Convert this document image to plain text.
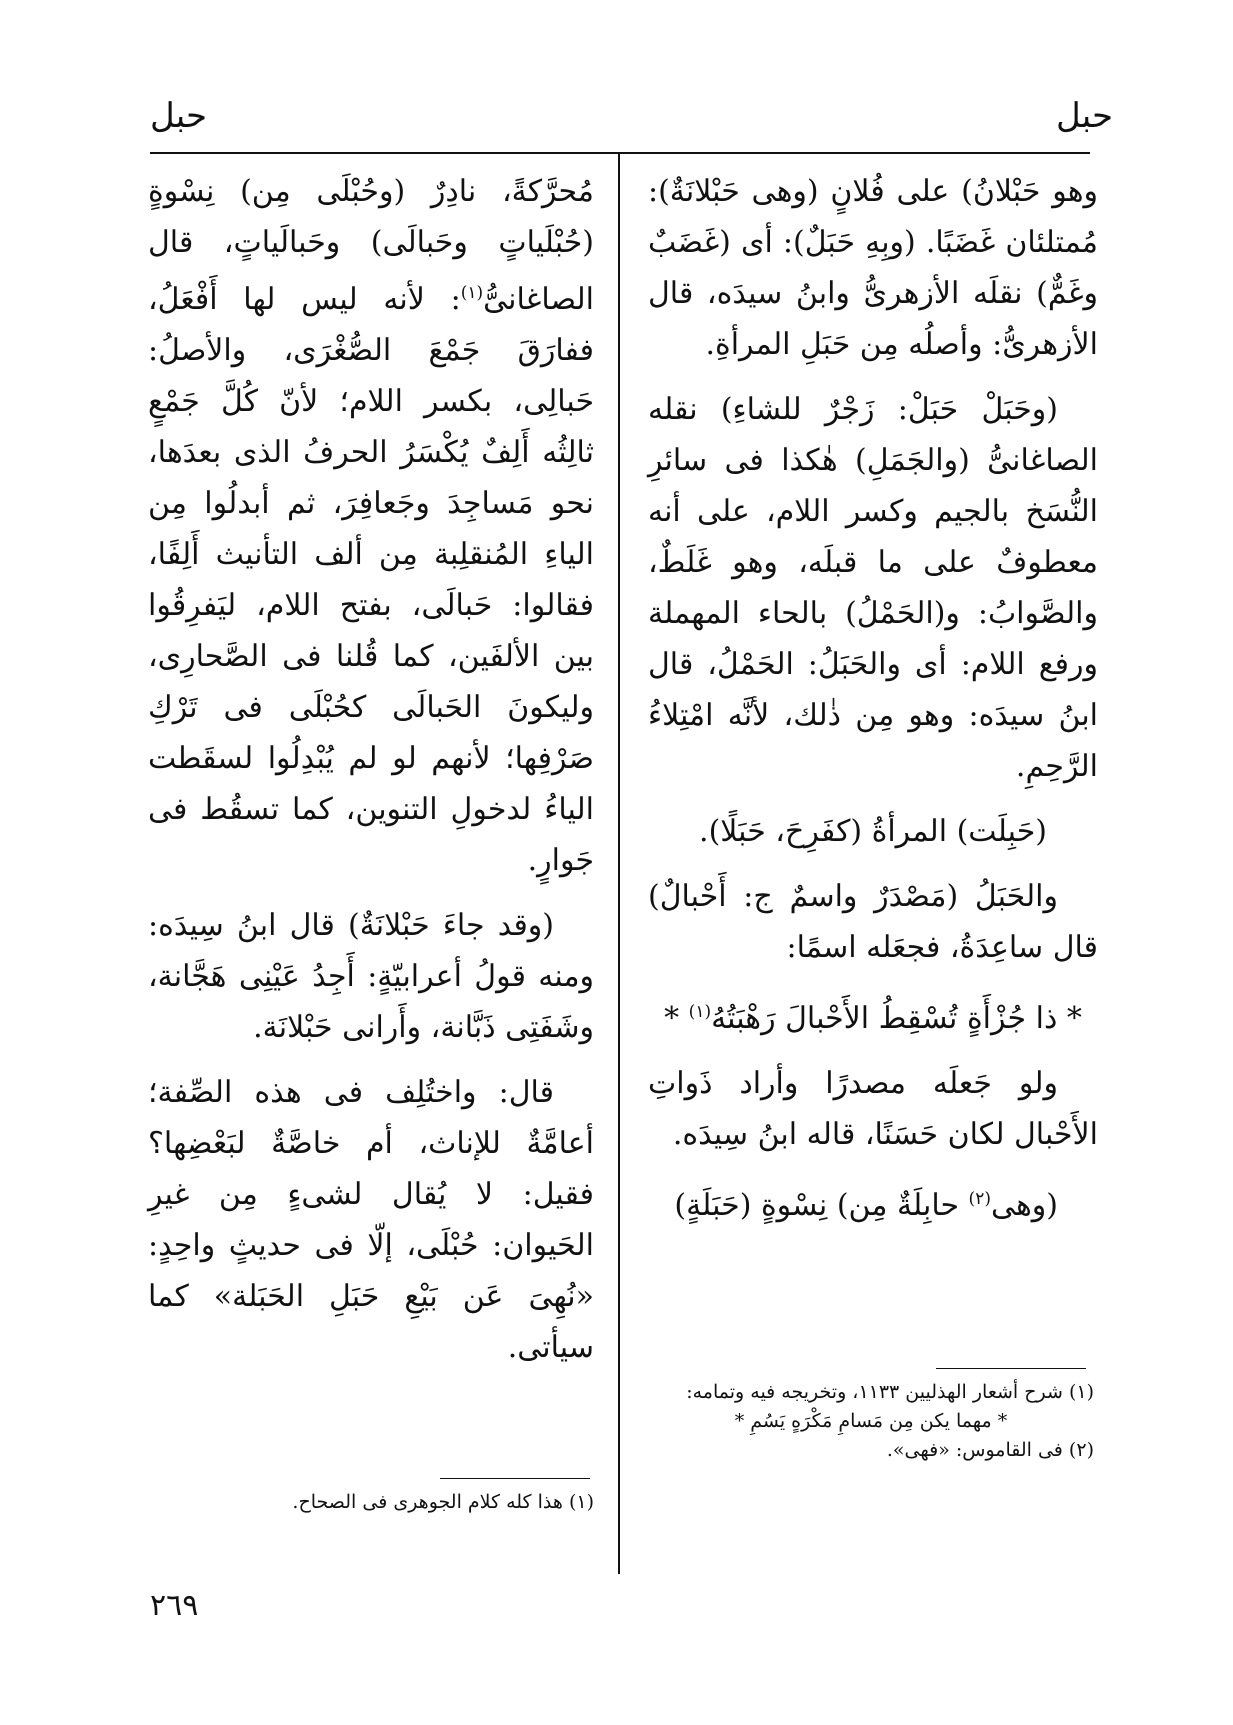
حبل
حبل

وهو حَبْلانُ) على فُلانٍ (وهى حَبْلانَةٌ): مُمتلئان غَضَبًا. (وبِهِ حَبَلٌ): أى (غَضَبٌ وغَمٌّ) نقلَه الأزهرىُّ وابنُ سيدَه، قال الأزهرىُّ: وأصلُه مِن حَبَلِ المرأةِ.

(وحَبَلْ حَبَلْ: زَجْرٌ للشاءِ) نقله الصاغانىُّ (والجَمَلِ) هٰكذا فى سائرِ النُّسَخ بالجيم وكسر اللام، على أنه معطوفٌ على ما قبلَه، وهو غَلَطٌ، والصَّوابُ: و(الحَمْلُ) بالحاء المهملة ورفع اللام: أى والحَبَلُ: الحَمْلُ، قال ابنُ سيدَه: وهو مِن ذٰلك، لأنَّه امْتِلاءُ الرَّحِمِ.

(حَبِلَت) المرأةُ (كفَرِحَ، حَبَلًا).

والحَبَلُ (مَصْدَرٌ واسمٌ ج: أَحْبالٌ) قال ساعِدَةُ، فجعَله اسمًا:

* ذا جُزْأَةٍ تُسْقِطُ الأَحْبالَ رَهْبَتُهُ$^{(١)}$ *

ولو جَعلَه مصدرًا وأراد ذَواتِ الأَحْبال لكان حَسَنًا، قاله ابنُ سِيدَه.

(وهى$^{(٢)}$ حابِلَةٌ مِن) نِسْوةٍ (حَبَلَةٍ)

(١) شرح أشعار الهذليين ١١٣٣، وتخريجه فيه وتمامه:

* مهما يكن مِن مَسامِ مَكْرَهٍ يَسُمِ *

(٢) فى القاموس: «فهى».

مُحرَّكةً، نادِرٌ (وحُبْلَى مِن) نِسْوةٍ (حُبْلَياتٍ وحَبالَى) وحَبالَياتٍ، قال الصاغانىُّ$^{(١)}$: لأنه ليس لها أَفْعَلُ، ففارَقَ جَمْعَ الصُّغْرَى، والأصلُ: حَبالِى، بكسر اللام؛ لأنّ كُلَّ جَمْعٍ ثالِثُه أَلِفٌ يُكْسَرُ الحرفُ الذى بعدَها، نحو مَساجِدَ وجَعافِرَ، ثم أبدلُوا مِن الياءِ المُنقلِبة مِن ألف التأنيث أَلِفًا، فقالوا: حَبالَى، بفتح اللام، ليَفرِقُوا بين الألفَين، كما قُلنا فى الصَّحارِى، وليكونَ الحَبالَى كحُبْلَى فى تَرْكِ صَرْفِها؛ لأنهم لو لم يُبْدِلُوا لسقَطت الياءُ لدخولِ التنوين، كما تسقُط فى جَوارٍ.

(وقد جاءَ حَبْلانَةٌ) قال ابنُ سِيدَه: ومنه قولُ أعرابيّةٍ: أَجِدُ عَيْنِى هَجَّانة، وشَفَتِى ذَبَّانة، وأَرانى حَبْلانَة.

قال: واختُلِف فى هذه الصِّفة؛ أعامَّةٌ للإناث، أم خاصَّةٌ لبَعْضِها؟ فقيل: لا يُقال لشىءٍ مِن غيرِ الحَيوان: حُبْلَى، إلّا فى حديثٍ واحِدٍ: «نُهِىَ عَن بَيْعِ حَبَلِ الحَبَلة» كما سيأتى.

(١) هذا كله كلام الجوهرى فى الصحاح.

٢٦٩
